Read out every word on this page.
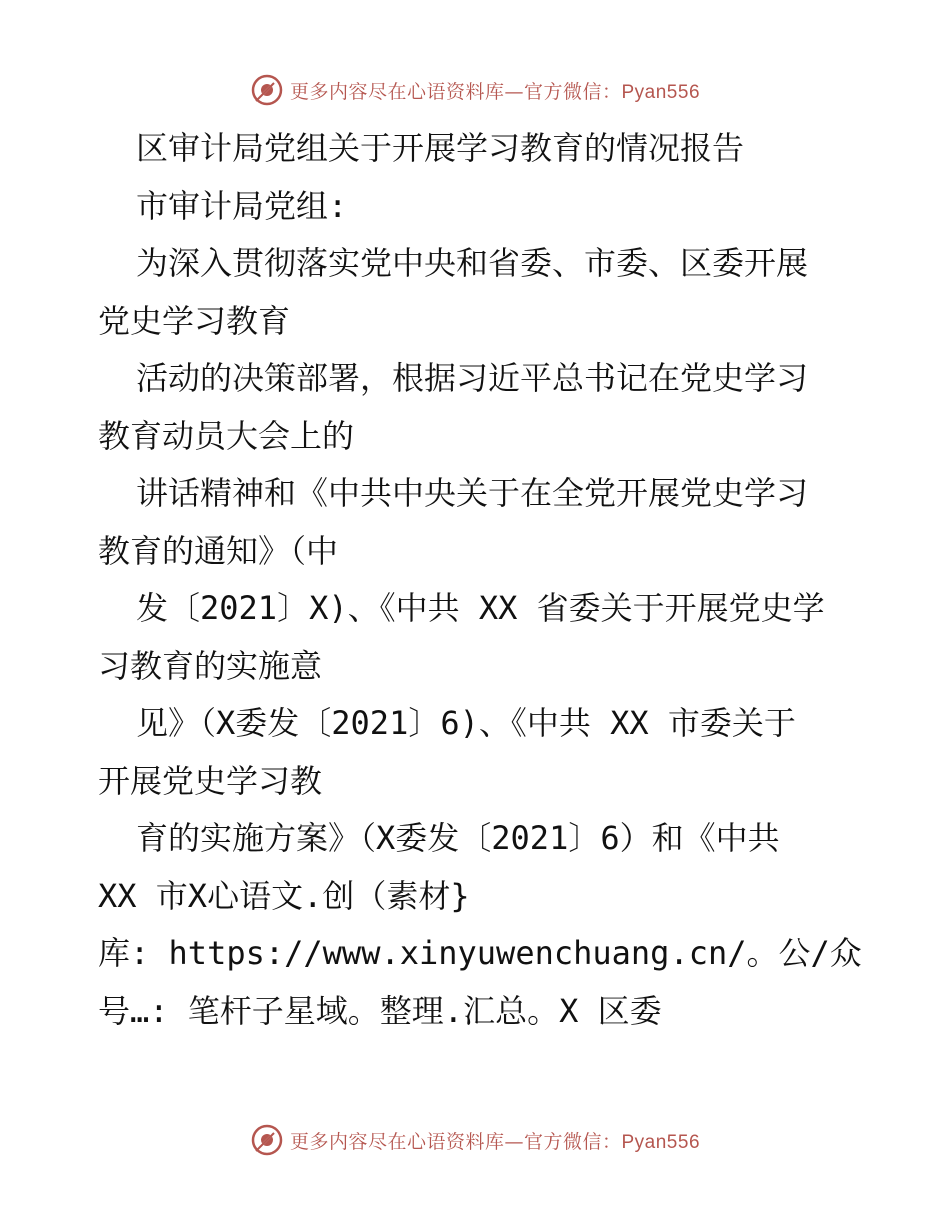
更多内容尽在心语资料库—官方微信：Pyan556
区审计局党组关于开展学习教育的情况报告
市审计局党组:
为深入贯彻落实党中央和省委、市委、区委开展
党史学习教育
活动的决策部署，根据习近平总书记在党史学习
教育动员大会上的
讲话精神和《中共中央关于在全党开展党史学习
教育的通知》（中
发〔2021〕X)、《中共 XX 省委关于开展党史学
习教育的实施意
见》（X委发〔2021〕6)、《中共 XX 市委关于
开展党史学习教
育的实施方案》（X委发〔2021〕6）和《中共
XX 市X心语文.创（素材}
库: https://www.xinyuwenchuang.cn/。公/众
号…: 笔杆子星域。整理.汇总。X 区委
更多内容尽在心语资料库—官方微信：Pyan556
